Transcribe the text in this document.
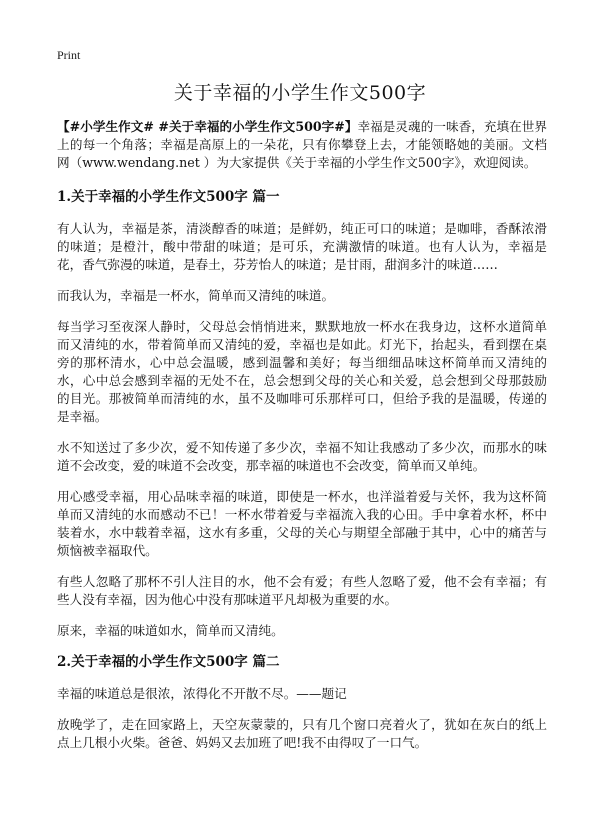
Print
关于幸福的小学生作文500字

【#小学生作文# #关于幸福的小学生作文500字#】幸福是灵魂的一味香，充填在世界上的每一个角落；幸福是高原上的一朵花，只有你攀登上去，才能领略她的美丽。文档网（www.wendang.net ）为大家提供《关于幸福的小学生作文500字》，欢迎阅读。

1.关于幸福的小学生作文500字 篇一

有人认为，幸福是茶，清淡醇香的味道；是鲜奶，纯正可口的味道；是咖啡，香酥浓滑的味道；是橙汁，酸中带甜的味道；是可乐，充满激情的味道。也有人认为，幸福是花，香气弥漫的味道，是春土，芬芳怡人的味道；是甘雨，甜润多汁的味道……

而我认为，幸福是一杯水，简单而又清纯的味道。

每当学习至夜深人静时，父母总会悄悄进来，默默地放一杯水在我身边，这杯水道简单而又清纯的水，带着简单而又清纯的爱，幸福也是如此。灯光下，抬起头，看到摆在桌旁的那杯清水，心中总会温暖，感到温馨和美好；每当细细品味这杯简单而又清纯的水，心中总会感到幸福的无处不在，总会想到父母的关心和关爱，总会想到父母那鼓励的目光。那被简单而清纯的水，虽不及咖啡可乐那样可口，但给予我的是温暖，传递的是幸福。

水不知送过了多少次，爱不知传递了多少次，幸福不知让我感动了多少次，而那水的味道不会改变，爱的味道不会改变，那幸福的味道也不会改变，简单而又单纯。

用心感受幸福，用心品味幸福的味道，即使是一杯水，也洋溢着爱与关怀，我为这杯简单而又清纯的水而感动不已！一杯水带着爱与幸福流入我的心田。手中拿着水杯，杯中装着水，水中载着幸福，这水有多重，父母的关心与期望全部融于其中，心中的痛苦与烦恼被幸福取代。

有些人忽略了那杯不引人注目的水，他不会有爱；有些人忽略了爱，他不会有幸福；有些人没有幸福，因为他心中没有那味道平凡却极为重要的水。

原来，幸福的味道如水，简单而又清纯。

2.关于幸福的小学生作文500字 篇二

幸福的味道总是很浓，浓得化不开散不尽。——题记

放晚学了，走在回家路上，天空灰蒙蒙的，只有几个窗口亮着火了，犹如在灰白的纸上点上几根小火柴。爸爸、妈妈又去加班了吧!我不由得叹了一口气。
